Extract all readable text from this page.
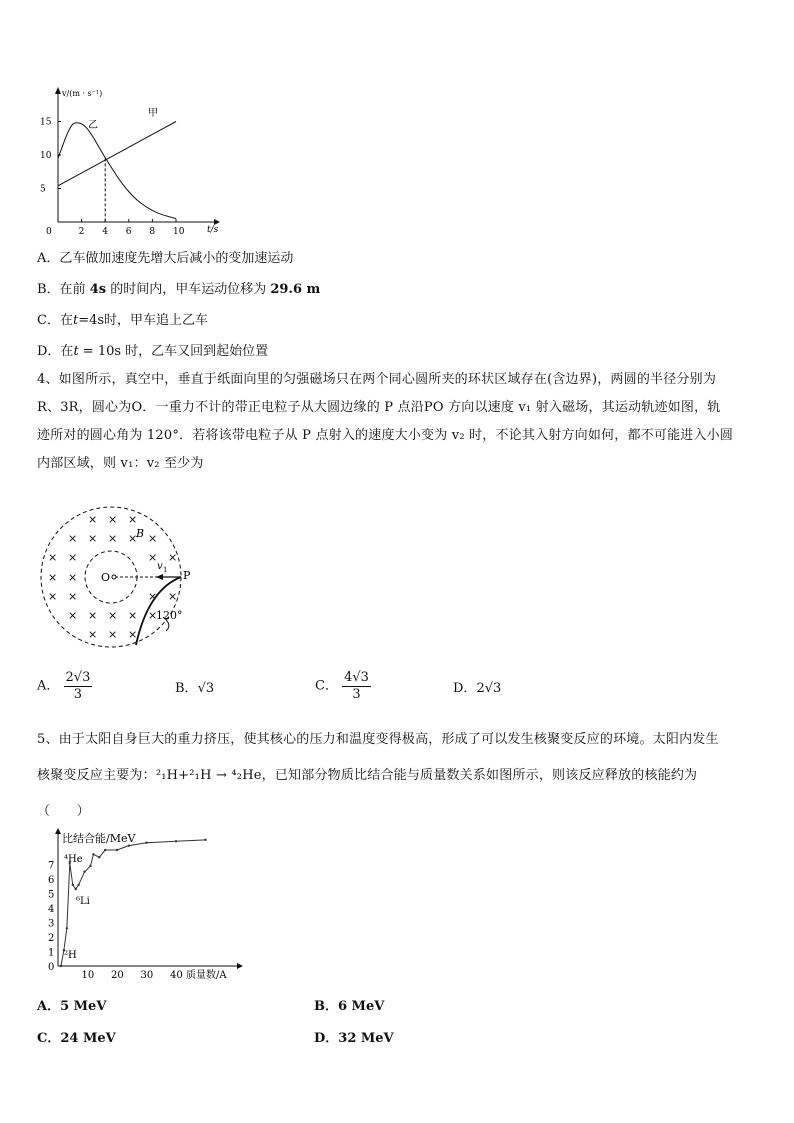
0	2 4 6 8 10
5
10
15
v/(m · s⁻¹)
t/s
甲
乙
A．乙车做加速度先增大后减小的变加速运动
B．在前 4s 的时间内，甲车运动位移为 29.6 m
C．在t=4s时，甲车追上乙车
D．在t = 10s 时，乙车又回到起始位置
4、如图所示，真空中，垂直于纸面向里的匀强磁场只在两个同心圆所夹的环状区域存在(含边界)，两圆的半径分别为
R、3R，圆心为O．一重力不计的带正电粒子从大圆边缘的 P 点沿PO 方向以速度 v₁ 射入磁场，其运动轨迹如图，轨
迹所对的圆心角为 120°．若将该带电粒子从 P 点射入的速度大小变为 v₂ 时，不论其入射方向如何，都不可能进入小圆
内部区域，则 v₁：v₂ 至少为
× × ×
× × × × ×
× ×	× ×
× ×
× ×	× ×
× × × × ×
× × ×
O	P
B
v 1
120°
A． $\frac{2√3}{3}$	B．√3	C． $\frac{4√3}{3}$	D．2√3
5、由于太阳自身巨大的重力挤压，使其核心的压力和温度变得极高，形成了可以发生核聚变反应的环境。太阳内发生
核聚变反应主要为：²₁H+²₁H → ⁴₂He，已知部分物质比结合能与质量数关系如图所示，则该反应释放的核能约为
（　　）
10 20 30 40
0
1
2
3
4
5
6
7
比结合能/MeV
质量数/A
⁴He
⁶Li
²H
A．5 MeV	B．6 MeV
C．24 MeV	D．32 MeV
